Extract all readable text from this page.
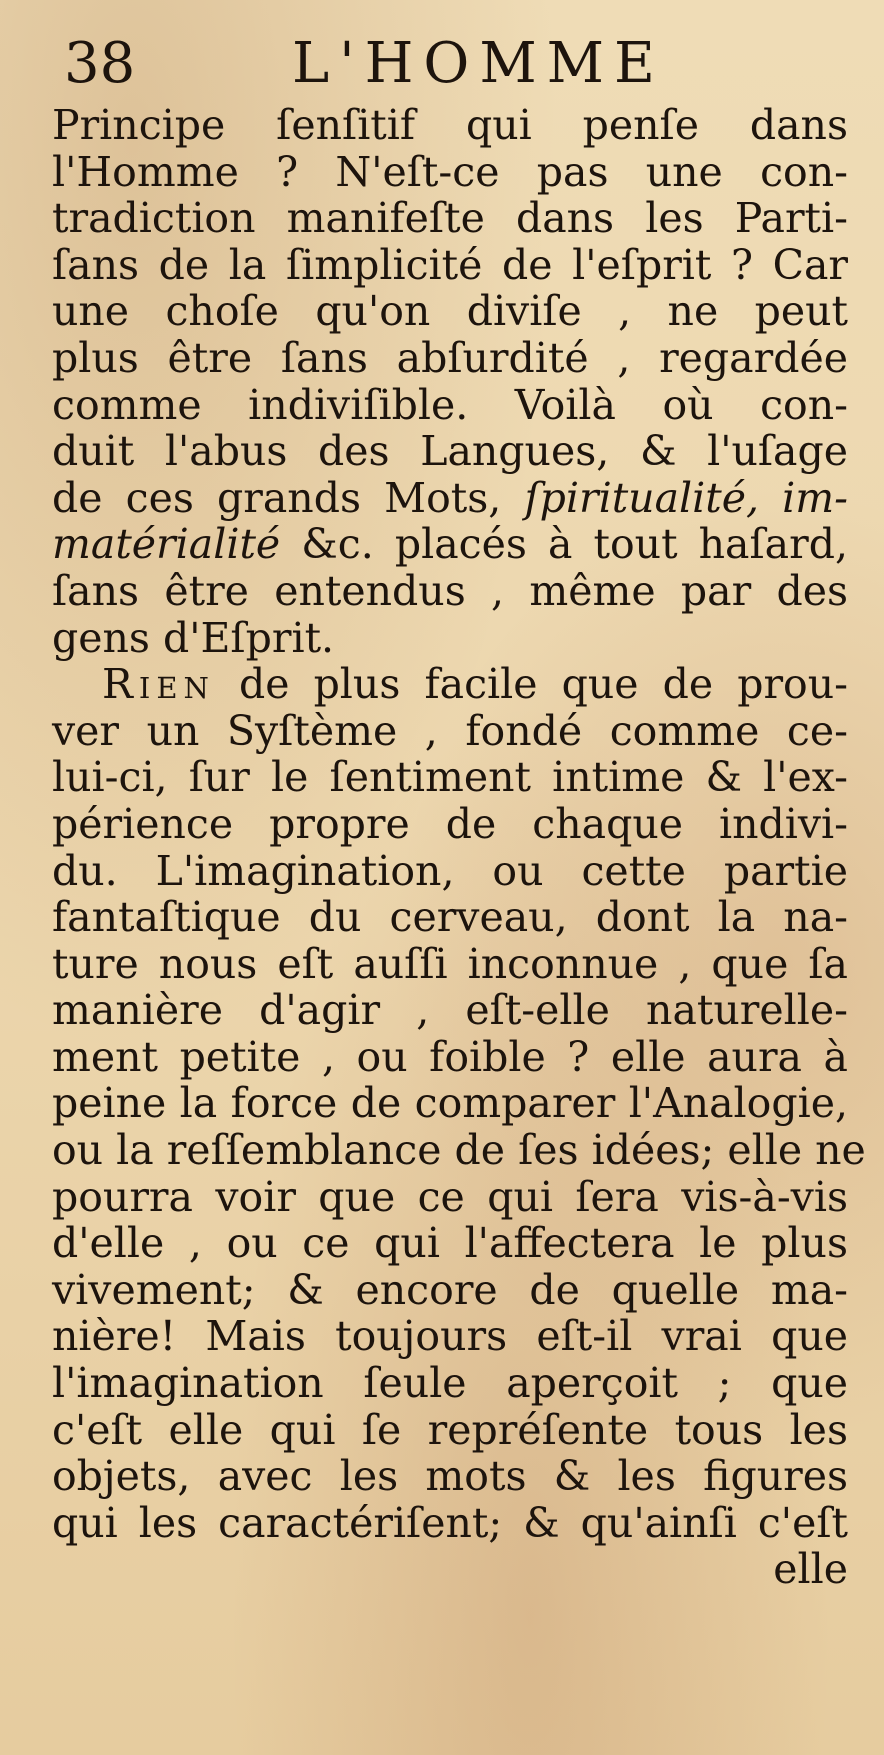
38	L'HOMME
Principe ſenſitif qui penſe dans
l'Homme ? N'eſt-ce pas une con-
tradiction manifeſte dans les Parti-
ſans de la ſimplicité de l'eſprit ? Car
une choſe qu'on diviſe , ne peut
plus être ſans abſurdité , regardée
comme indiviſible. Voilà où con-
duit l'abus des Langues, & l'uſage
de ces grands Mots, ſpiritualité, im-
matérialité &c. placés à tout haſard,
ſans être entendus , même par des
gens d'Eſprit.
Rien de plus facile que de prou-
ver un Syſtème , fondé comme ce-
lui-ci, ſur le ſentiment intime & l'ex-
périence propre de chaque indivi-
du. L'imagination, ou cette partie
fantaſtique du cerveau, dont la na-
ture nous eſt auſſi inconnue , que ſa
manière d'agir , eſt-elle naturelle-
ment petite , ou foible ? elle aura à
peine la force de comparer l'Analogie,
ou la reſſemblance de ſes idées; elle ne
pourra voir que ce qui ſera vis-à-vis
d'elle , ou ce qui l'affectera le plus
vivement; & encore de quelle ma-
nière! Mais toujours eſt-il vrai que
l'imagination ſeule aperçoit ; que
c'eſt elle qui ſe repréſente tous les
objets, avec les mots & les figures
qui les caractériſent; & qu'ainſi c'eſt
elle
